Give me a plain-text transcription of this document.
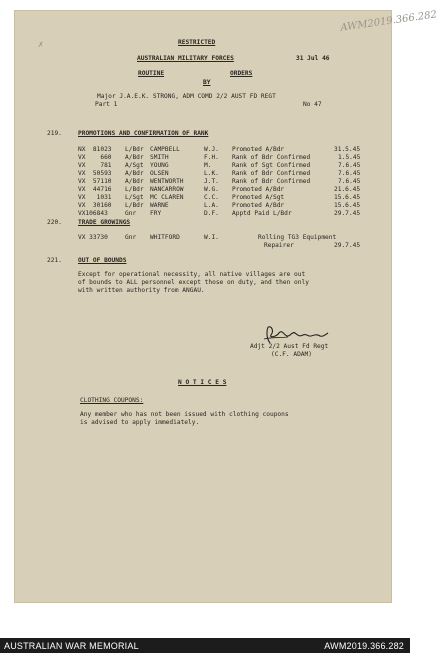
AWM2019.366.282
✗	RESTRICTED
AUSTRALIAN MILITARY FORCES	31 Jul 46
ROUTINE	ORDERS
BY
Major J.A.E.K. STRONG, ADM COMD 2/2 AUST FD REGT
Part 1	No 47
219.	PROMOTIONS AND CONFIRMATION OF RANK
NX  81023 L/Bdr CAMPBELL	W.J. Promoted A/Bdr	31.5.45
VX    660 A/Bdr SMITH	F.H. Rank of Bdr Confirmed	1.5.45
VX    781 A/Sgt YOUNG	M.	Rank of Sgt Confirmed	7.6.45
VX  50593 A/Bdr OLSEN	L.K. Rank of Bdr Confirmed	7.6.45
VX  57110 A/Bdr WENTWORTH	J.T. Rank of Bdr Confirmed	7.6.45
VX  44716 L/Bdr NANCARROW	W.G. Promoted A/Bdr	21.6.45
VX   1031 L/Sgt MC CLAREN	C.C. Promoted A/Sgt	15.6.45
VX  30160 L/Bdr WARNE	L.A. Promoted A/Bdr	15.6.45
VX106843	Gnr FRY	D.F. Apptd Paid L/Bdr	29.7.45
220.	TRADE GROWINGS
VX 33730	Gnr WHITFORD	W.I.	Rolling TG3 Equipment
Repairer	29.7.45
221.	OUT OF BOUNDS
Except for operational necessity, all native villages are out
of bounds to ALL personnel except those on duty, and then only
with written authority from ANGAU.
Adjt 2/2 Aust Fd Regt
(C.F. ADAM)
N O T I C E S
CLOTHING COUPONS:
Any member who has not been issued with clothing coupons
is advised to apply immediately.
AUSTRALIAN WAR MEMORIAL	AWM2019.366.282
